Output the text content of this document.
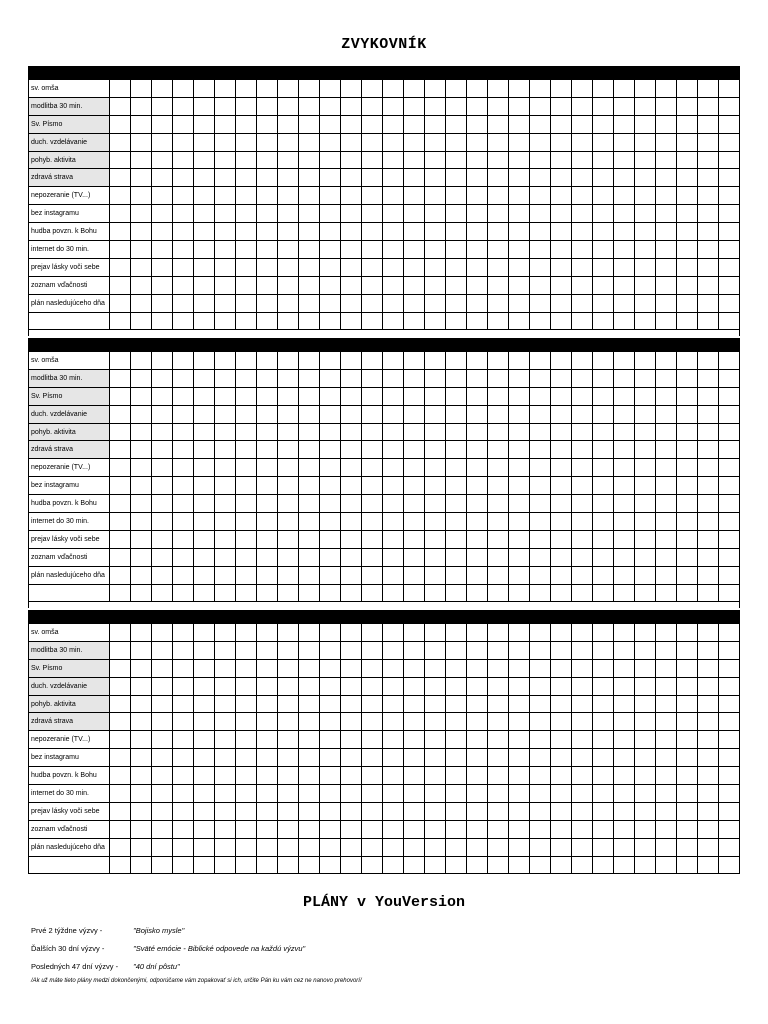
ZVYKOVNÍK
sv. omša																														
modlitba 30 min.																														
Sv. Písmo																														
duch. vzdelávanie																														
pohyb. aktivita																														
zdravá strava																														
nepozeranie (TV...)																														
bez instagramu																														
hudba povzn. k Bohu																														
internet do 30 min.																														
prejav lásky voči sebe																														
zoznam vďačnosti																														
plán nasledujúceho dňa																														

sv. omša																														
modlitba 30 min.																														
Sv. Písmo																														
duch. vzdelávanie																														
pohyb. aktivita																														
zdravá strava																														
nepozeranie (TV...)																														
bez instagramu																														
hudba povzn. k Bohu																														
internet do 30 min.																														
prejav lásky voči sebe																														
zoznam vďačnosti																														
plán nasledujúceho dňa																														

sv. omša																														
modlitba 30 min.																														
Sv. Písmo																														
duch. vzdelávanie																														
pohyb. aktivita																														
zdravá strava																														
nepozeranie (TV...)																														
bez instagramu																														
hudba povzn. k Bohu																														
internet do 30 min.																														
prejav lásky voči sebe																														
zoznam vďačnosti																														
plán nasledujúceho dňa																														

PLÁNY v YouVersion
Prvé 2 týždne výzvy -	"Bojisko mysle"
Ďalších 30 dní výzvy -	"Sväté emócie - Biblické odpovede na každú výzvu"
Posledných 47 dní výzvy - "40 dní pôstu"
/Ak už máte tieto plány medzi dokončenými, odporúčame vám zopakovať si ich, určite Pán ku vám cez ne nanovo prehovorí/
